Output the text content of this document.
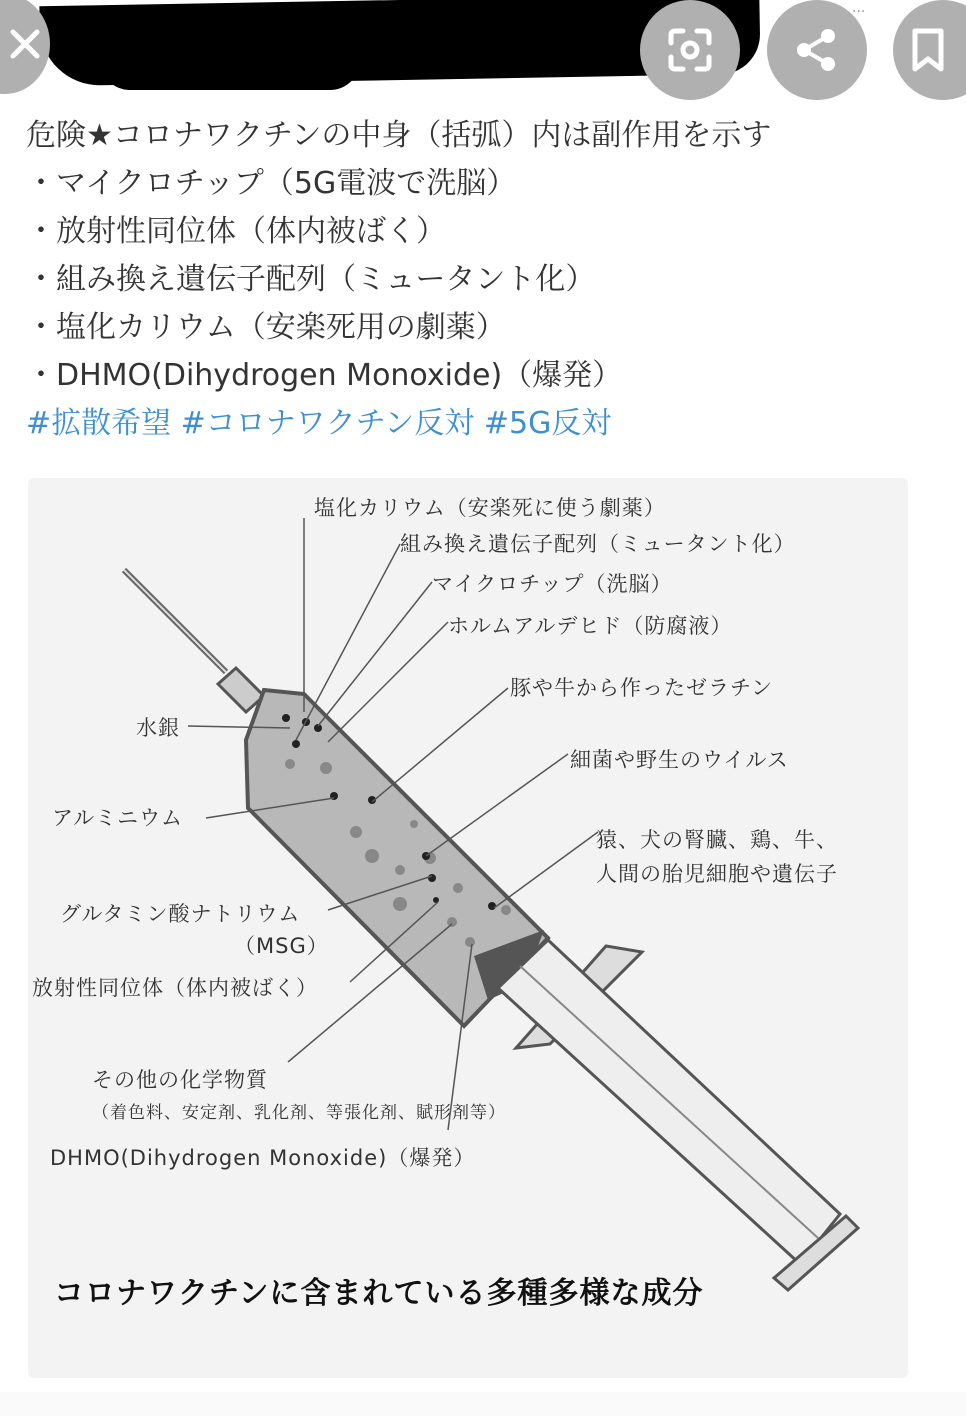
···

危険★コロナワクチンの中身（括弧）内は副作用を示す

・マイクロチップ（5G電波で洗脳）

・放射性同位体（体内被ばく）

・組み換え遺伝子配列（ミュータント化）

・塩化カリウム（安楽死用の劇薬）

・DHMO(Dihydrogen Monoxide)（爆発）

#拡散希望 #コロナワクチン反対 #5G反対

塩化カリウム（安楽死に使う劇薬）
組み換え遺伝子配列（ミュータント化）
マイクロチップ（洗脳）
ホルムアルデヒド（防腐液）
豚や牛から作ったゼラチン
細菌や野生のウイルス
猿、犬の腎臓、鶏、牛、
人間の胎児細胞や遺伝子
水銀
アルミニウム
グルタミン酸ナトリウム
（MSG）
放射性同位体（体内被ばく）
その他の化学物質
（着色料、安定剤、乳化剤、等張化剤、賦形剤等）
DHMO(Dihydrogen Monoxide)（爆発）
コロナワクチンに含まれている多種多様な成分
